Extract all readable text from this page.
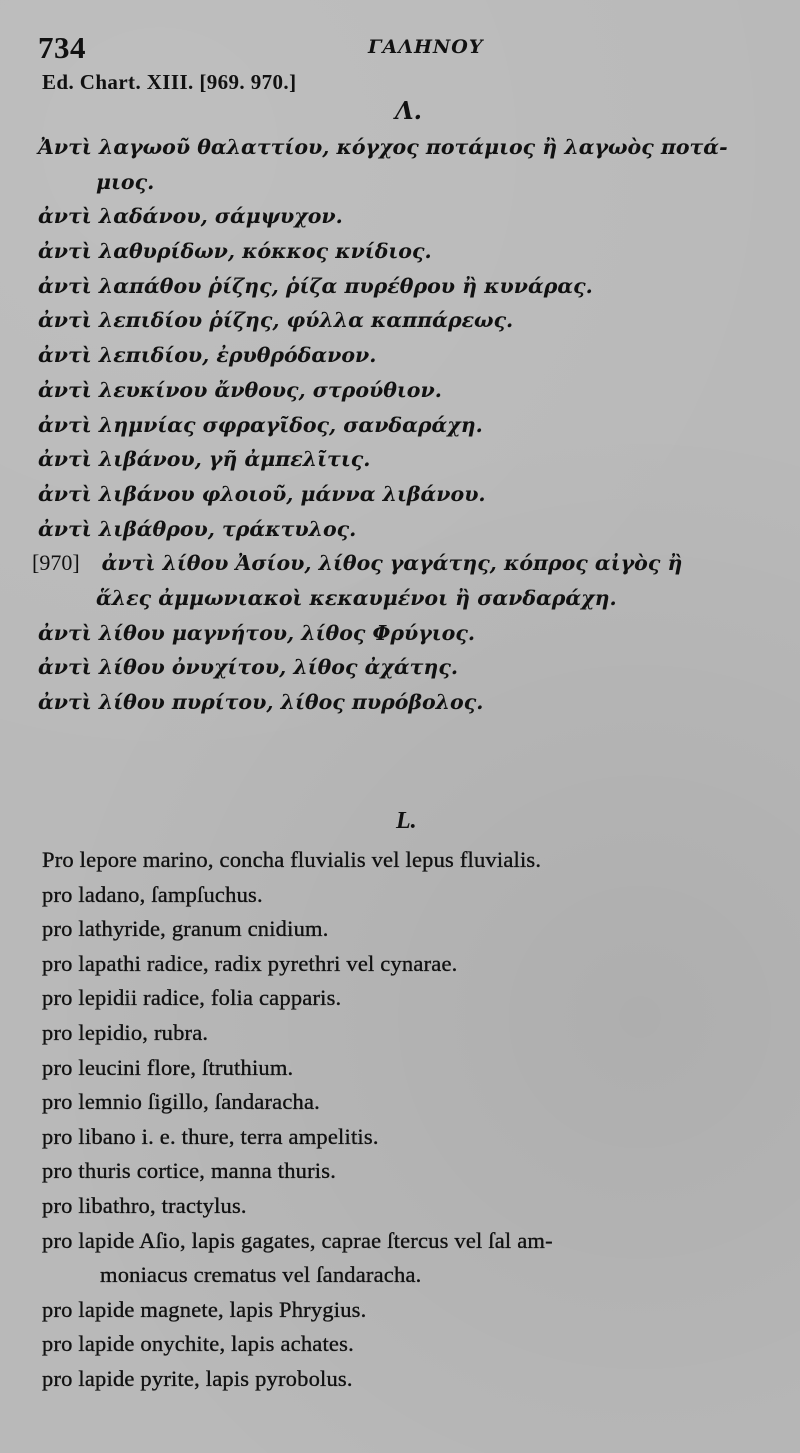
734	ΓΑΛΗΝΟΥ
Ed. Chart. XIII. [969. 970.]
Λ.
Ἀντὶ λαγωοῦ θαλαττίου, κόγχος ποτάμιος ἢ λαγωὸς ποτά-
μιος.
ἀντὶ λαδάνου, σάμψυχον.
ἀντὶ λαθυρίδων, κόκκος κνίδιος.
ἀντὶ λαπάθου ῥίζης, ῥίζα πυρέθρου ἢ κυνάρας.
ἀντὶ λεπιδίου ῥίζης, φύλλα καππάρεως.
ἀντὶ λεπιδίου, ἐρυθρόδανον.
ἀντὶ λευκίνου ἄνθους, στρούθιον.
ἀντὶ λημνίας σφραγῖδος, σανδαράχη.
ἀντὶ λιβάνου, γῆ ἀμπελῖτις.
ἀντὶ λιβάνου φλοιοῦ, μάννα λιβάνου.
ἀντὶ λιβάθρου, τράκτυλος.
[970] ἀντὶ λίθου Ἀσίου, λίθος γαγάτης, κόπρος αἰγὸς ἢ
ἅλες ἀμμωνιακοὶ κεκαυμένοι ἢ σανδαράχη.
ἀντὶ λίθου μαγνήτου, λίθος Φρύγιος.
ἀντὶ λίθου ὀνυχίτου, λίθος ἀχάτης.
ἀντὶ λίθου πυρίτου, λίθος πυρόβολος.
L.
Pro lepore marino, concha fluvialis vel lepus fluvialis.
pro ladano, ſampſuchus.
pro lathyride, granum cnidium.
pro lapathi radice, radix pyrethri vel cynarae.
pro lepidii radice, folia capparis.
pro lepidio, rubra.
pro leucini flore, ſtruthium.
pro lemnio ſigillo, ſandaracha.
pro libano i. e. thure, terra ampelitis.
pro thuris cortice, manna thuris.
pro libathro, tractylus.
pro lapide Aſio, lapis gagates, caprae ſtercus vel ſal am-
moniacus crematus vel ſandaracha.
pro lapide magnete, lapis Phrygius.
pro lapide onychite, lapis achates.
pro lapide pyrite, lapis pyrobolus.
